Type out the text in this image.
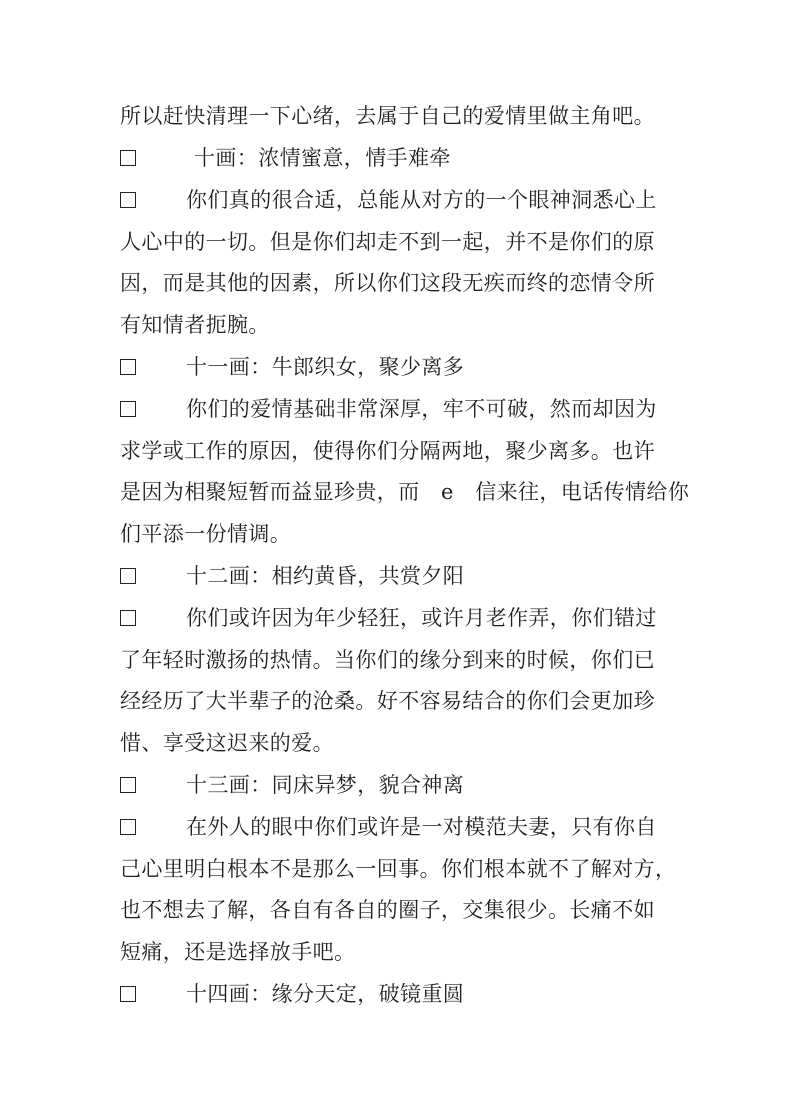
所以赶快清理一下心绪，去属于自己的爱情里做主角吧。
十画：浓情蜜意，情手难牵
你们真的很合适，总能从对方的一个眼神洞悉心上
人心中的一切。但是你们却走不到一起，并不是你们的原
因，而是其他的因素，所以你们这段无疾而终的恋情令所
有知情者扼腕。
十一画：牛郎织女，聚少离多
你们的爱情基础非常深厚，牢不可破，然而却因为
求学或工作的原因，使得你们分隔两地，聚少离多。也许
是因为相聚短暂而益显珍贵，而　e　信来往，电话传情给你
们平添一份情调。
十二画：相约黄昏，共赏夕阳
你们或许因为年少轻狂，或许月老作弄，你们错过
了年轻时激扬的热情。当你们的缘分到来的时候，你们已
经经历了大半辈子的沧桑。好不容易结合的你们会更加珍
惜、享受这迟来的爱。
十三画：同床异梦，貌合神离
在外人的眼中你们或许是一对模范夫妻，只有你自
己心里明白根本不是那么一回事。你们根本就不了解对方，
也不想去了解，各自有各自的圈子，交集很少。长痛不如
短痛，还是选择放手吧。
十四画：缘分天定，破镜重圆
